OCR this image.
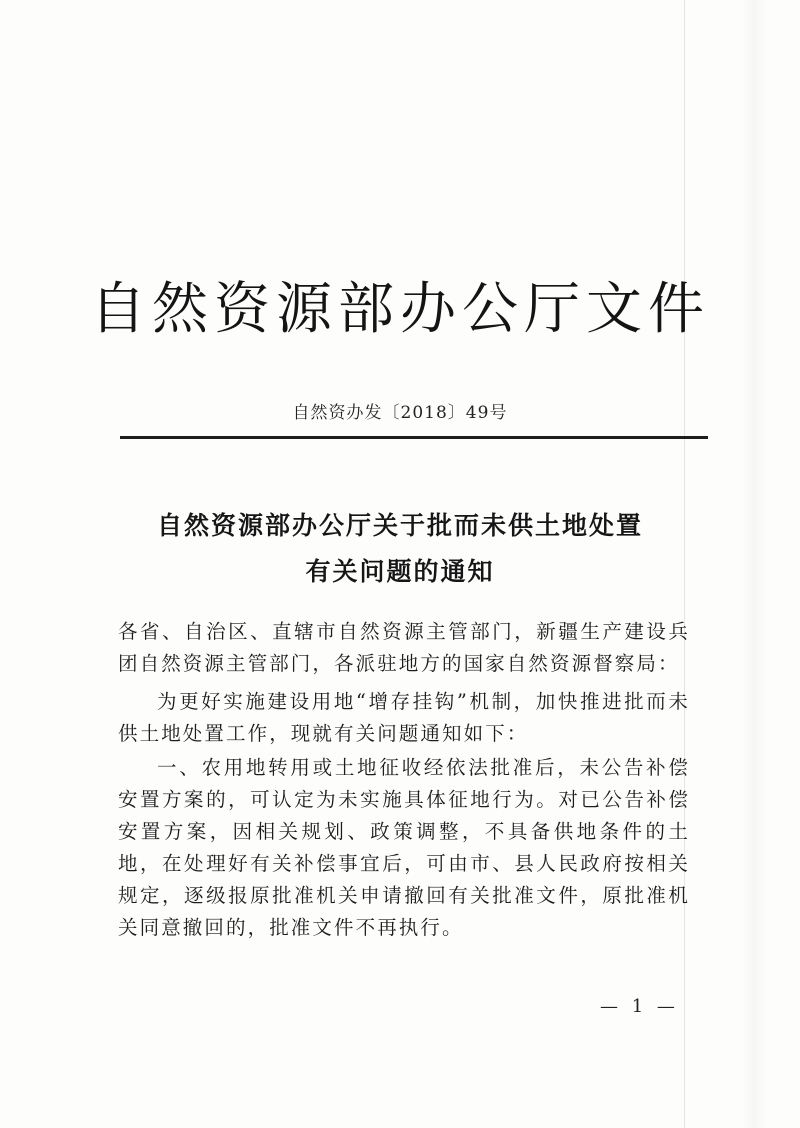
自然资源部办公厅文件
自然资办发〔2018〕49号
自然资源部办公厅关于批而未供土地处置
有关问题的通知
各省、自治区、直辖市自然资源主管部门，新疆生产建设兵团自然资源主管部门，各派驻地方的国家自然资源督察局：
为更好实施建设用地“增存挂钩”机制，加快推进批而未供土地处置工作，现就有关问题通知如下：
一、农用地转用或土地征收经依法批准后，未公告补偿安置方案的，可认定为未实施具体征地行为。对已公告补偿安置方案，因相关规划、政策调整，不具备供地条件的土地，在处理好有关补偿事宜后，可由市、县人民政府按相关规定，逐级报原批准机关申请撤回有关批准文件，原批准机关同意撤回的，批准文件不再执行。
— 1 —
